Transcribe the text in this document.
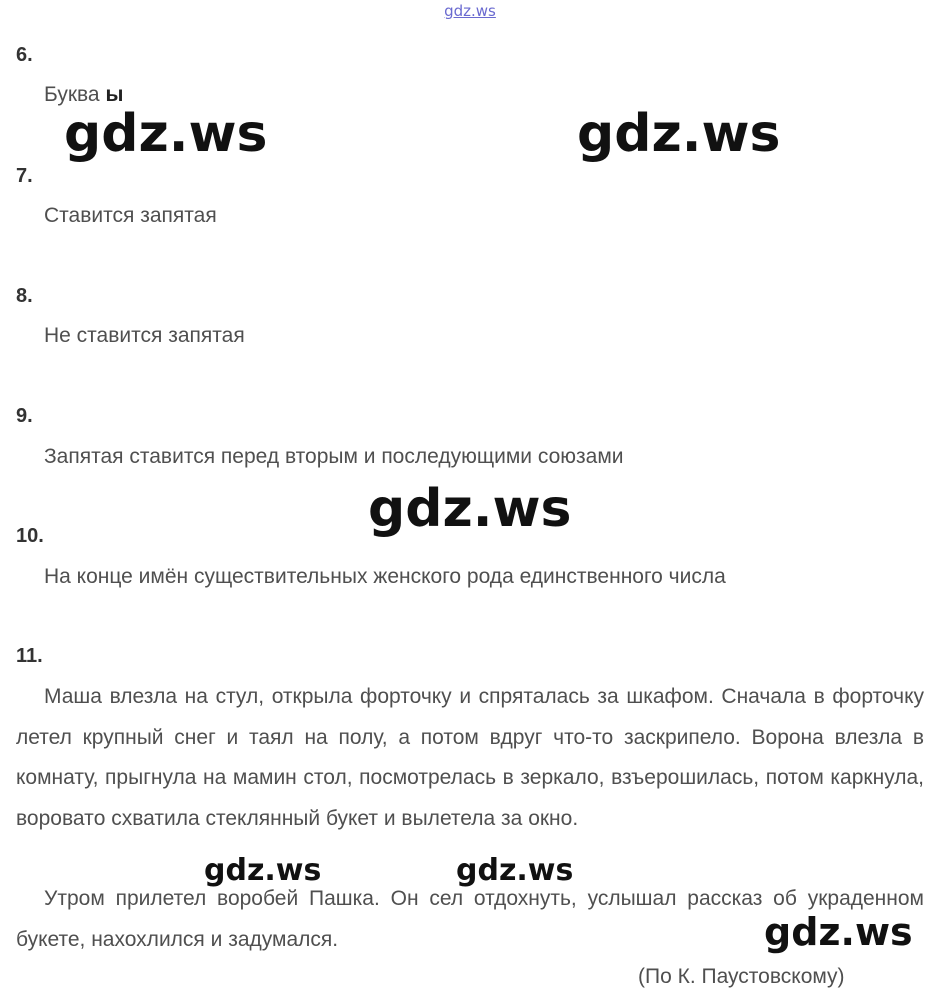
gdz.ws
6.
Буква ы
7.
Ставится запятая
8.
Не ставится запятая
9.
Запятая ставится перед вторым и последующими союзами
10.
На конце имён существительных женского рода единственного числа
11.

Маша влезла на стул, открыла форточку и спряталась за шкафом. Сначала в форточку летел крупный снег и таял на полу, а потом вдруг что-то заскрипело. Ворона влезла в комнату, прыгнула на мамин стол, посмотрелась в зеркало, взъерошилась, потом каркнула, вороватo схватила стеклянный букет и вылетела за окно.

Утром прилетел воробей Пашка. Он сел отдохнуть, услышал рассказ об украденном букете, нахохлился и задумался.

(По К. Паустовскому)
gdz.ws	gdz.ws
gdz.ws
gdz.ws	gdz.ws
gdz.ws
